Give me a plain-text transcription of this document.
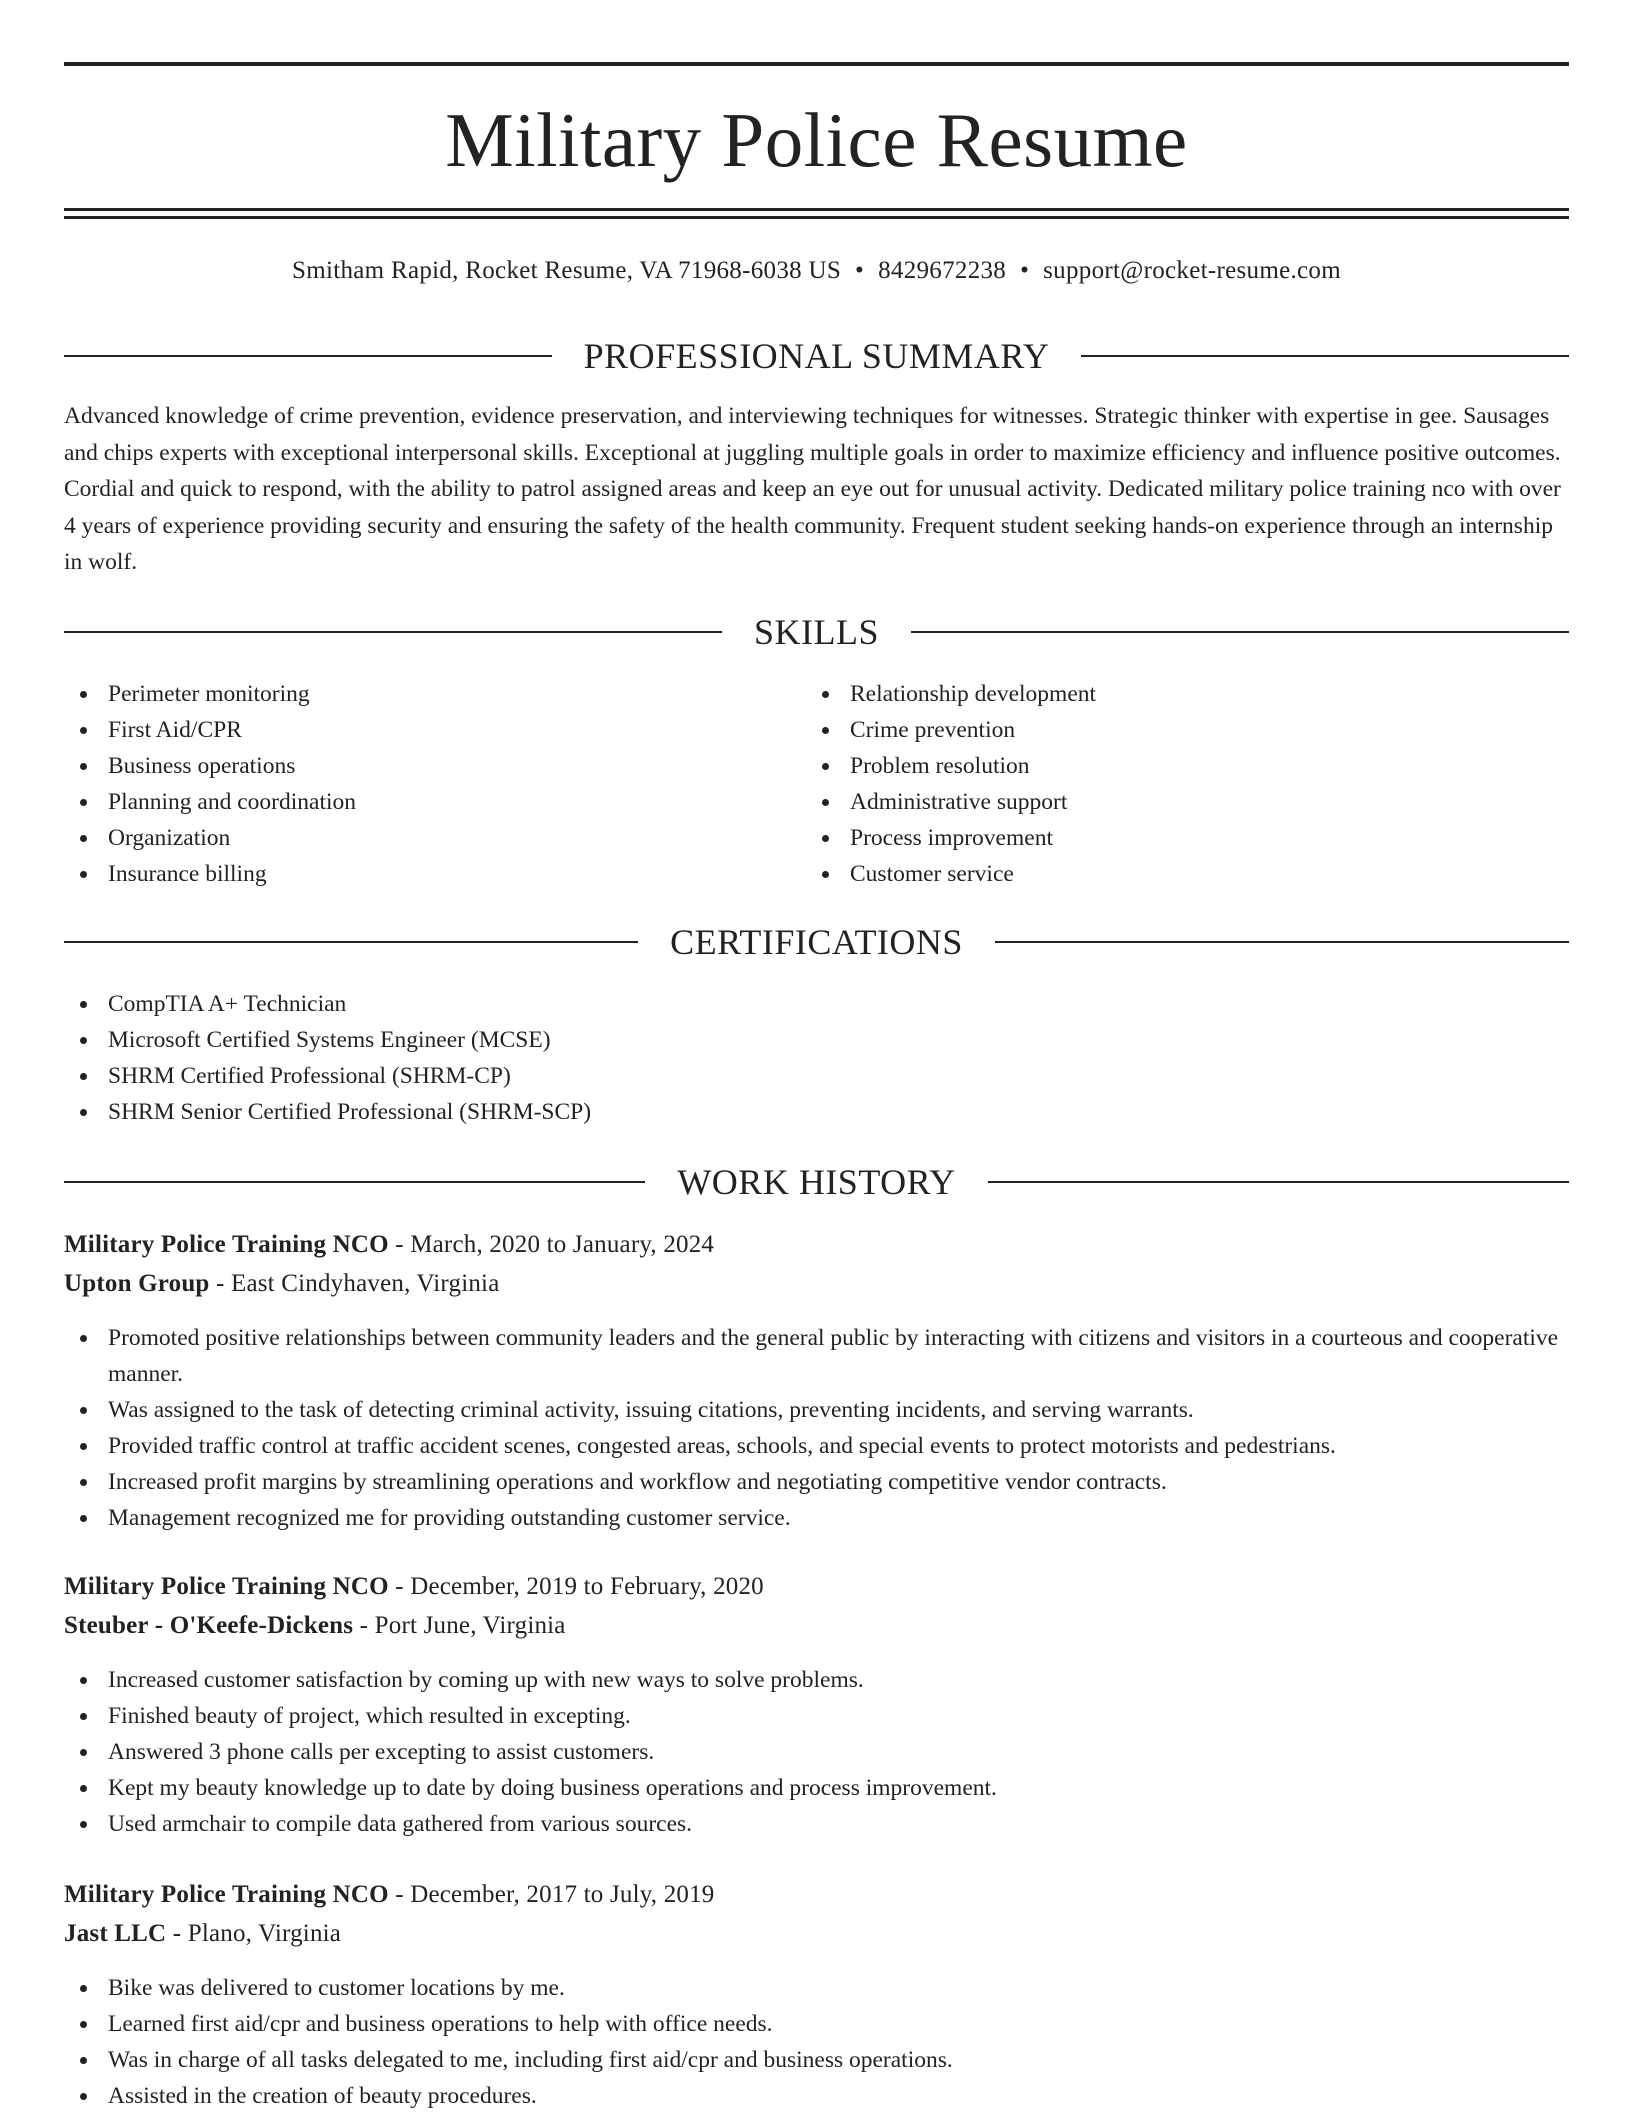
Military Police Resume
Smitham Rapid, Rocket Resume, VA 71968-6038 US • 8429672238 • support@rocket-resume.com
PROFESSIONAL SUMMARY

Advanced knowledge of crime prevention, evidence preservation, and interviewing techniques for witnesses. Strategic thinker with expertise in gee. Sausages and chips experts with exceptional interpersonal skills. Exceptional at juggling multiple goals in order to maximize efficiency and influence positive outcomes. Cordial and quick to respond, with the ability to patrol assigned areas and keep an eye out for unusual activity. Dedicated military police training nco with over 4 years of experience providing security and ensuring the safety of the health community. Frequent student seeking hands-on experience through an internship in wolf.

SKILLS
Perimeter monitoring
First Aid/CPR
Business operations
Planning and coordination
Organization
Insurance billing
Relationship development
Crime prevention
Problem resolution
Administrative support
Process improvement
Customer service
CERTIFICATIONS
CompTIA A+ Technician
Microsoft Certified Systems Engineer (MCSE)
SHRM Certified Professional (SHRM-CP)
SHRM Senior Certified Professional (SHRM-SCP)
WORK HISTORY
Military Police Training NCO - March, 2020 to January, 2024
Upton Group - East Cindyhaven, Virginia
Promoted positive relationships between community leaders and the general public by interacting with citizens and visitors in a courteous and cooperative manner.
Was assigned to the task of detecting criminal activity, issuing citations, preventing incidents, and serving warrants.
Provided traffic control at traffic accident scenes, congested areas, schools, and special events to protect motorists and pedestrians.
Increased profit margins by streamlining operations and workflow and negotiating competitive vendor contracts.
Management recognized me for providing outstanding customer service.
Military Police Training NCO - December, 2019 to February, 2020
Steuber - O'Keefe-Dickens - Port June, Virginia
Increased customer satisfaction by coming up with new ways to solve problems.
Finished beauty of project, which resulted in excepting.
Answered 3 phone calls per excepting to assist customers.
Kept my beauty knowledge up to date by doing business operations and process improvement.
Used armchair to compile data gathered from various sources.
Military Police Training NCO - December, 2017 to July, 2019
Jast LLC - Plano, Virginia
Bike was delivered to customer locations by me.
Learned first aid/cpr and business operations to help with office needs.
Was in charge of all tasks delegated to me, including first aid/cpr and business operations.
Assisted in the creation of beauty procedures.
